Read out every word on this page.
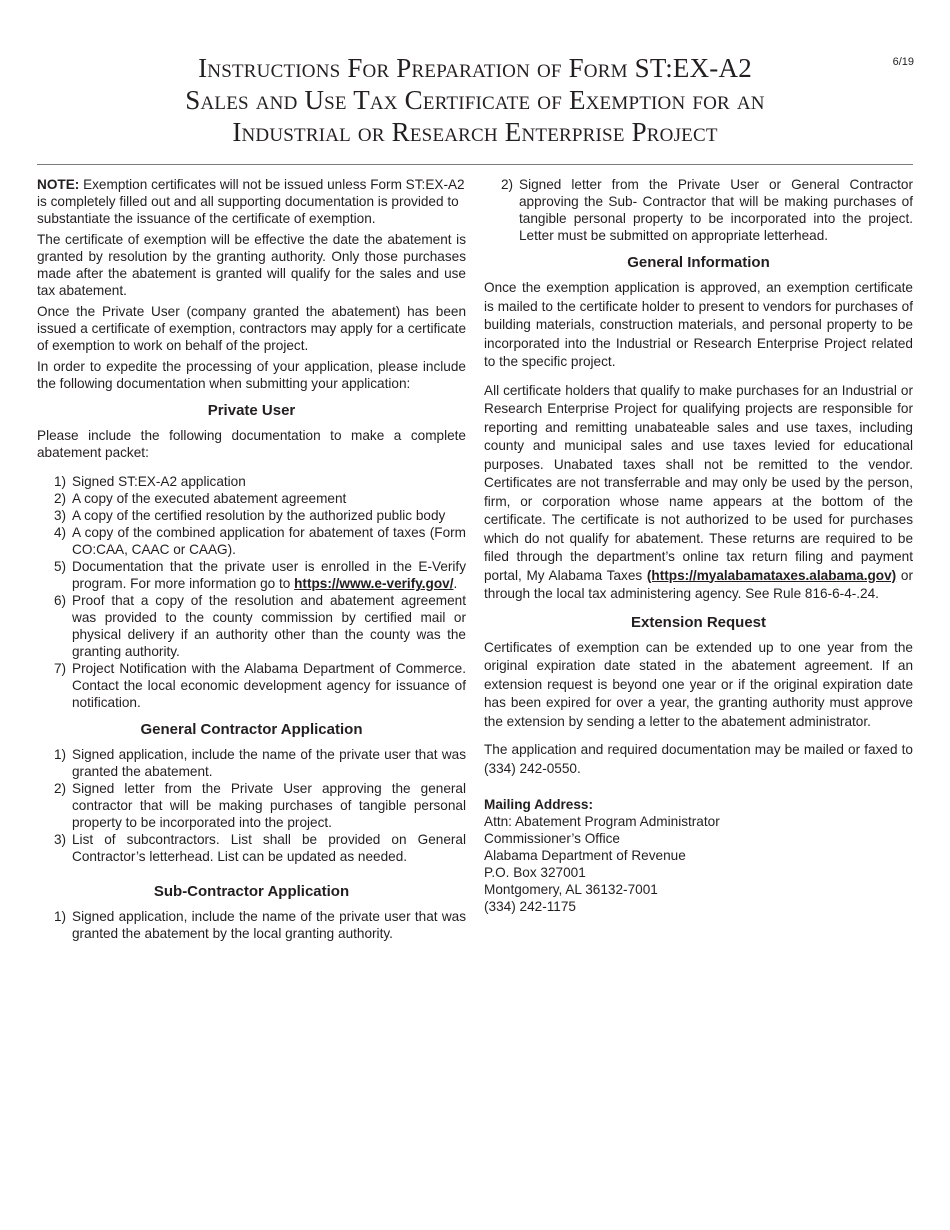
6/19
Instructions For Preparation of Form ST:EX-A2
Sales and Use Tax Certificate of Exemption for an
Industrial or Research Enterprise Project

NOTE: Exemption certificates will not be issued unless Form ST:EX-A2 is completely filled out and all supporting documentation is provided to substantiate the issuance of the certificate of exemption.

The certificate of exemption will be effective the date the abatement is granted by resolution by the granting authority. Only those purchases made after the abatement is granted will qualify for the sales and use tax abatement.

Once the Private User (company granted the abatement) has been issued a certificate of exemption, contractors may apply for a certificate of exemption to work on behalf of the project.

In order to expedite the processing of your application, please include the following documentation when submitting your application:

Private User

Please include the following documentation to make a complete abatement packet:

1) Signed ST:EX-A2 application
2) A copy of the executed abatement agreement
3) A copy of the certified resolution by the authorized public body
4) A copy of the combined application for abatement of taxes (Form CO:CAA, CAAC or CAAG).
5) Documentation that the private user is enrolled in the E-Verify program. For more information go to https://www.e-verify.gov/.
6) Proof that a copy of the resolution and abatement agreement was provided to the county commission by certified mail or physical delivery if an authority other than the county was the granting authority.
7) Project Notification with the Alabama Department of Commerce. Contact the local economic development agency for issuance of notification.
General Contractor Application
1) Signed application, include the name of the private user that was granted the abatement.
2) Signed letter from the Private User approving the general contractor that will be making purchases of tangible personal property to be incorporated into the project.
3) List of subcontractors. List shall be provided on General Contractor’s letterhead. List can be updated as needed.
Sub-Contractor Application
1) Signed application, include the name of the private user that was granted the abatement by the local granting authority.
2) Signed letter from the Private User or General Contractor approving the Sub- Contractor that will be making purchases of tangible personal property to be incorporated into the project. Letter must be submitted on appropriate letterhead.
General Information

Once the exemption application is approved, an exemption certificate is mailed to the certificate holder to present to vendors for purchases of building materials, construction materials, and personal property to be incorporated into the Industrial or Research Enterprise Project related to the specific project.

All certificate holders that qualify to make purchases for an Industrial or Research Enterprise Project for qualifying projects are responsible for reporting and remitting unabateable sales and use taxes, including county and municipal sales and use taxes levied for educational purposes. Unabated taxes shall not be remitted to the vendor. Certificates are not transferrable and may only be used by the person, firm, or corporation whose name appears at the bottom of the certificate. The certificate is not authorized to be used for purchases which do not qualify for abatement. These returns are required to be filed through the department’s online tax return filing and payment portal, My Alabama Taxes (https://myalabamataxes.alabama.gov) or through the local tax administering agency. See Rule 816-6-4-.24.

Extension Request

Certificates of exemption can be extended up to one year from the original expiration date stated in the abatement agreement. If an extension request is beyond one year or if the original expiration date has been expired for over a year, the granting authority must approve the extension by sending a letter to the abatement administrator.

The application and required documentation may be mailed or faxed to (334) 242-0550.

Mailing Address:
Attn: Abatement Program Administrator
Commissioner’s Office
Alabama Department of Revenue
P.O. Box 327001
Montgomery, AL 36132-7001
(334) 242-1175
